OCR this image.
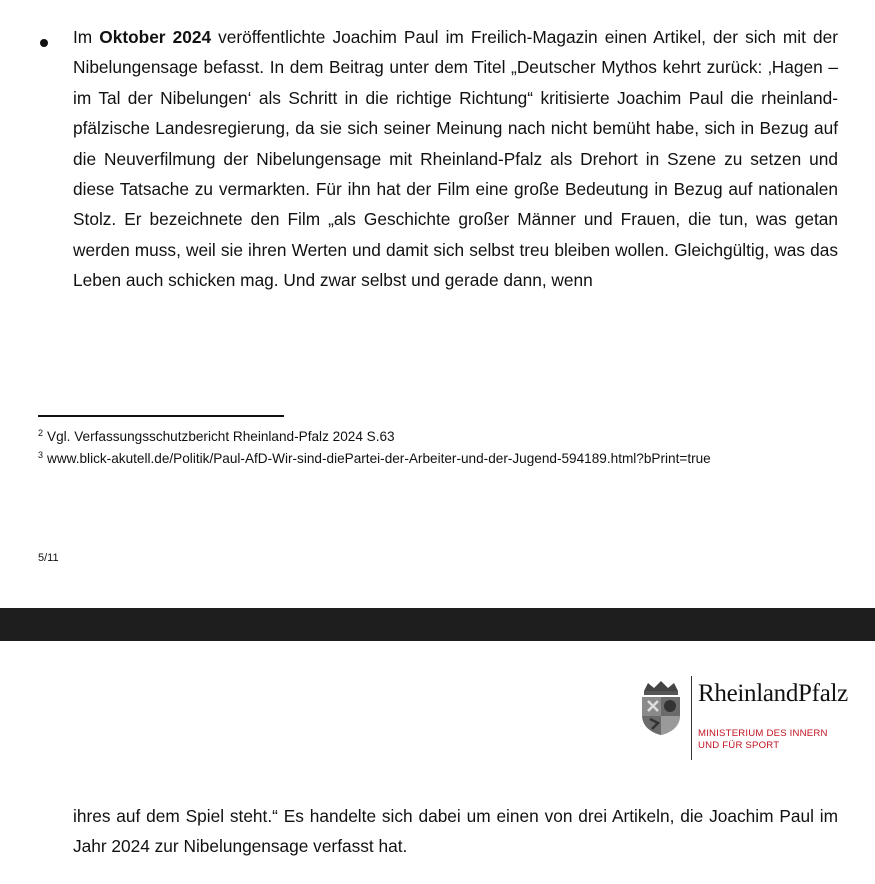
Im Oktober 2024 veröffentlichte Joachim Paul im Freilich-Magazin einen Artikel, der sich mit der Nibelungensage befasst. In dem Beitrag unter dem Titel „Deutscher Mythos kehrt zurück: ‚Hagen – im Tal der Nibelungen‘ als Schritt in die richtige Richtung“ kritisierte Joachim Paul die rheinland-pfälzische Landesregierung, da sie sich seiner Meinung nach nicht bemüht habe, sich in Bezug auf die Neuverfilmung der Nibelungensage mit Rheinland-Pfalz als Drehort in Szene zu setzen und diese Tatsache zu vermarkten. Für ihn hat der Film eine große Bedeutung in Bezug auf nationalen Stolz. Er bezeichnete den Film „als Geschichte großer Männer und Frauen, die tun, was getan werden muss, weil sie ihren Werten und damit sich selbst treu bleiben wollen. Gleichgültig, was das Leben auch schicken mag. Und zwar selbst und gerade dann, wenn

$^2$ Vgl. Verfassungsschutzbericht Rheinland-Pfalz 2024 S.63

$^3$ www.blick-akutell.de/Politik/Paul-AfD-Wir-sind-diePartei-der-Arbeiter-und-der-Jugend-594189.html?bPrint=true

5/11
RheinlandPfalz
MINISTERIUM DES INNERN
UND FÜR SPORT

ihres auf dem Spiel steht.“ Es handelte sich dabei um einen von drei Artikeln, die Joachim Paul im Jahr 2024 zur Nibelungensage verfasst hat.
